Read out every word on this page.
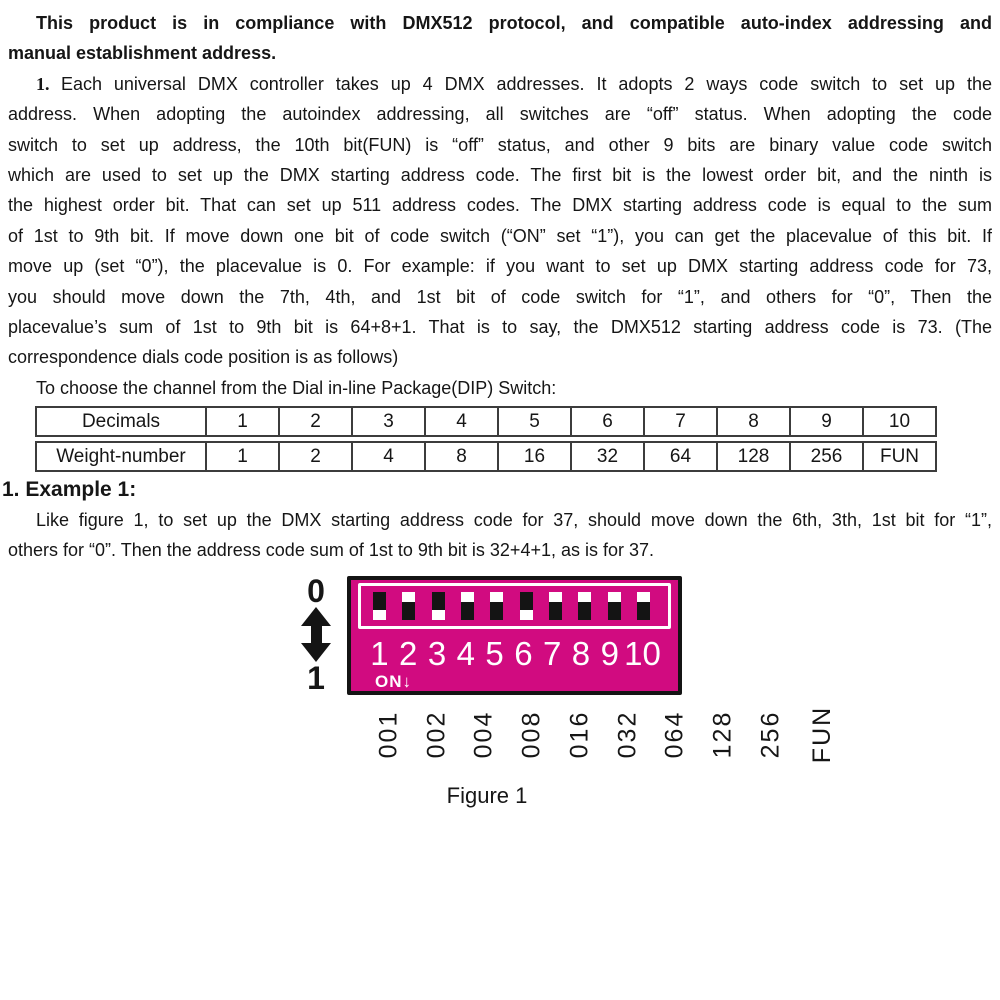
This product is in compliance with DMX512 protocol, and compatible auto-index addressing and
manual establishment address.
1. Each universal DMX controller takes up 4 DMX addresses. It adopts 2 ways code switch to set up the
address. When adopting the autoindex addressing, all switches are “off” status. When adopting the code
switch to set up address, the 10th bit(FUN) is “off” status, and other 9 bits are binary value code switch
which are used to set up the DMX starting address code. The first bit is the lowest order bit, and the ninth is
the highest order bit. That can set up 511 address codes. The DMX starting address code is equal to the sum
of 1st to 9th bit. If move down one bit of code switch (“ON” set “1”), you can get the placevalue of this bit. If
move up (set “0”), the placevalue is 0. For example: if you want to set up DMX starting address code for 73,
you should move down the 7th, 4th, and 1st bit of code switch for “1”, and others for “0”, Then the
placevalue’s sum of 1st to 9th bit is 64+8+1. That is to say, the DMX512 starting address code is 73. (The
correspondence dials code position is as follows)
To choose the channel from the Dial in-line Package(DIP) Switch:
Decimals	1	2	3	4	5	6	7	8	9	10
Weight-number	1	2	4	8	16	32	64	128	256	FUN
1. Example 1:
Like figure 1, to set up the DMX starting address code for 37, should move down the 6th, 3th, 1st bit for “1”,
others for “0”. Then the address code sum of 1st to 9th bit is 32+4+1, as is for 37.
0
1
1 2 3 4 5 6 7 8 9 10
ON↓
001 002 004 008 016 032 064 128 256 FUN
Figure 1
